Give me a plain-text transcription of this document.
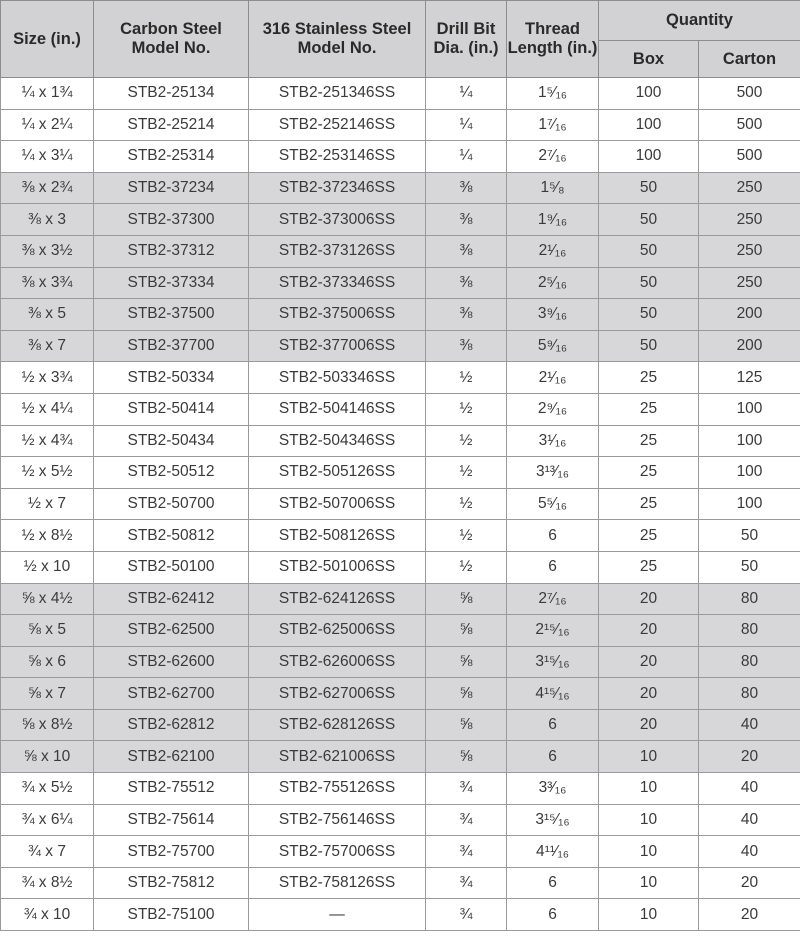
Size (in.)	Carbon Steel Model No.	316 Stainless Steel Model No.	Drill Bit Dia. (in.)	Thread Length (in.)	Quantity	
					Box	Carton
¼ x 1¾	STB2-25134	STB2-251346SS	¼	1⁵⁄₁₆	100	500
¼ x 2¼	STB2-25214	STB2-252146SS	¼	1⁷⁄₁₆	100	500
¼ x 3¼	STB2-25314	STB2-253146SS	¼	2⁷⁄₁₆	100	500
⅜ x 2¾	STB2-37234	STB2-372346SS	⅜	1⁵⁄₈	50	250
⅜ x 3	STB2-37300	STB2-373006SS	⅜	1⁹⁄₁₆	50	250
⅜ x 3½	STB2-37312	STB2-373126SS	⅜	2¹⁄₁₆	50	250
⅜ x 3¾	STB2-37334	STB2-373346SS	⅜	2⁵⁄₁₆	50	250
⅜ x 5	STB2-37500	STB2-375006SS	⅜	3⁹⁄₁₆	50	200
⅜ x 7	STB2-37700	STB2-377006SS	⅜	5⁹⁄₁₆	50	200
½ x 3¾	STB2-50334	STB2-503346SS	½	2¹⁄₁₆	25	125
½ x 4¼	STB2-50414	STB2-504146SS	½	2⁹⁄₁₆	25	100
½ x 4¾	STB2-50434	STB2-504346SS	½	3¹⁄₁₆	25	100
½ x 5½	STB2-50512	STB2-505126SS	½	3¹³⁄₁₆	25	100
½ x 7	STB2-50700	STB2-507006SS	½	5⁵⁄₁₆	25	100
½ x 8½	STB2-50812	STB2-508126SS	½	6	25	50
½ x 10	STB2-50100	STB2-501006SS	½	6	25	50
⅝ x 4½	STB2-62412	STB2-624126SS	⅝	2⁷⁄₁₆	20	80
⅝ x 5	STB2-62500	STB2-625006SS	⅝	2¹⁵⁄₁₆	20	80
⅝ x 6	STB2-62600	STB2-626006SS	⅝	3¹⁵⁄₁₆	20	80
⅝ x 7	STB2-62700	STB2-627006SS	⅝	4¹⁵⁄₁₆	20	80
⅝ x 8½	STB2-62812	STB2-628126SS	⅝	6	20	40
⅝ x 10	STB2-62100	STB2-621006SS	⅝	6	10	20
¾ x 5½	STB2-75512	STB2-755126SS	¾	3³⁄₁₆	10	40
¾ x 6¼	STB2-75614	STB2-756146SS	¾	3¹⁵⁄₁₆	10	40
¾ x 7	STB2-75700	STB2-757006SS	¾	4¹¹⁄₁₆	10	40
¾ x 8½	STB2-75812	STB2-758126SS	¾	6	10	20
¾ x 10	STB2-75100	—	¾	6	10	20
